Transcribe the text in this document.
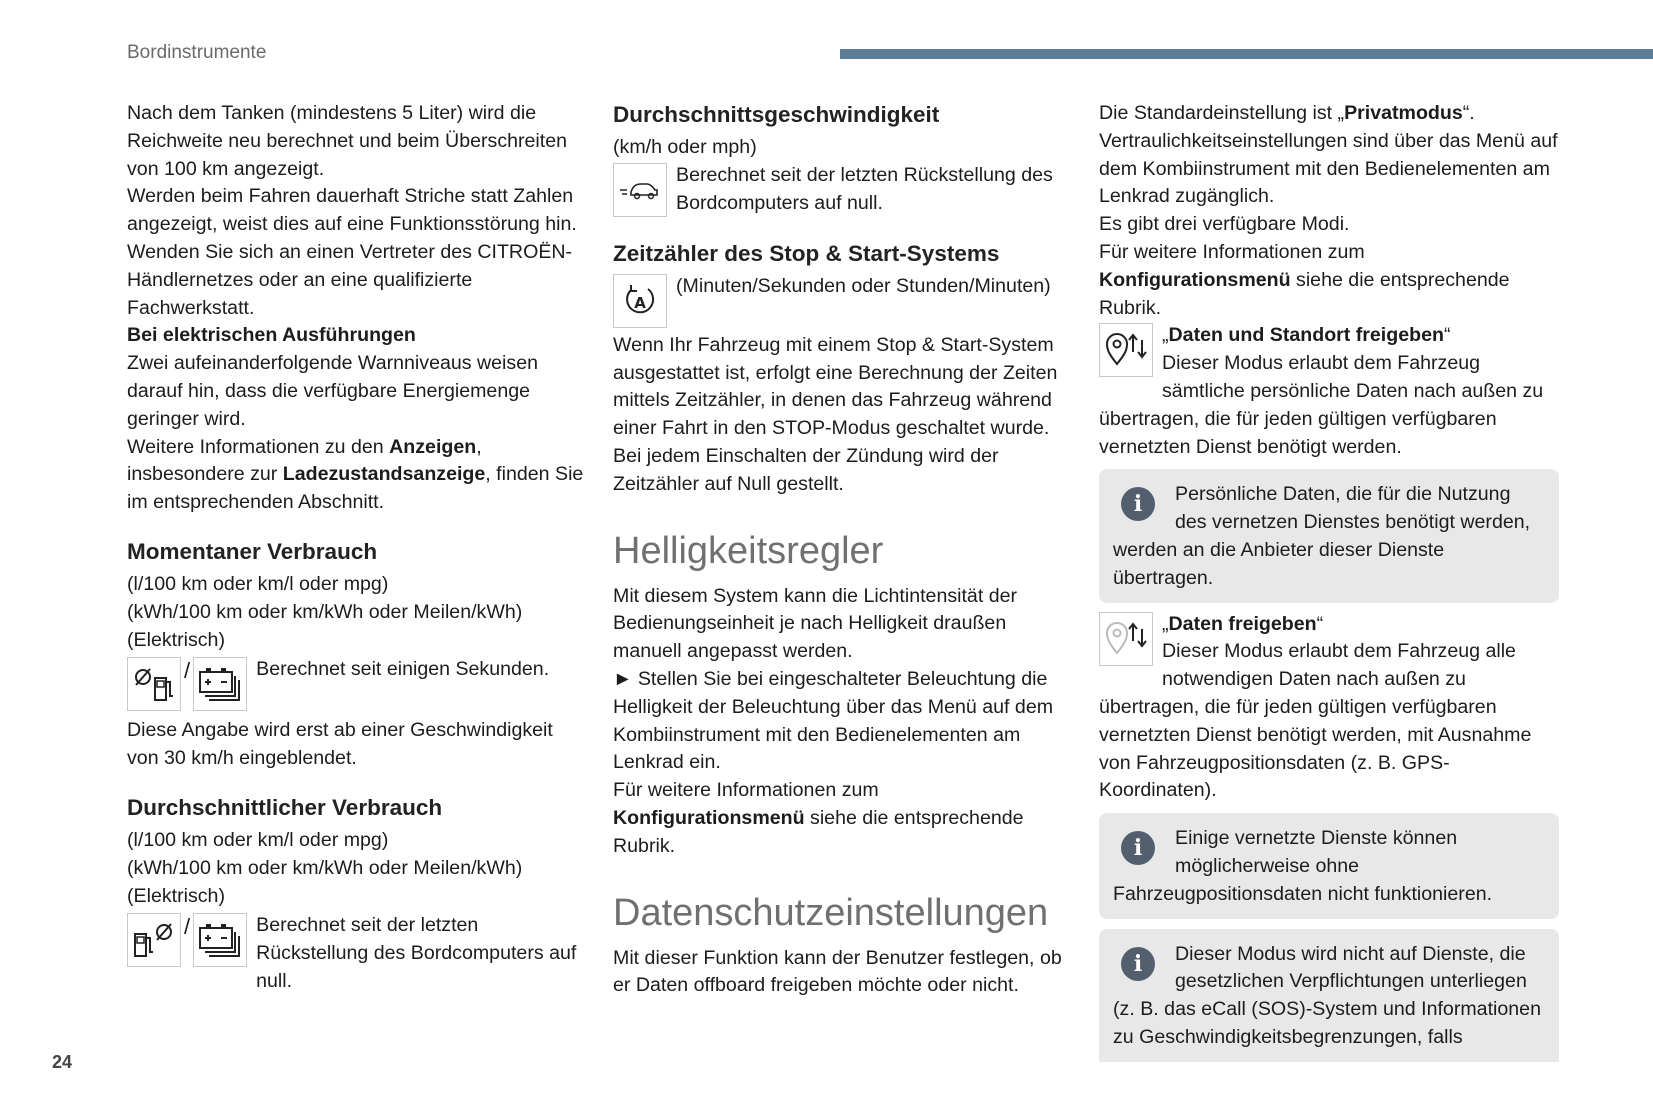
Bordinstrumente

Nach dem Tanken (mindestens 5 Liter) wird die Reichweite neu berechnet und beim Überschreiten von 100 km angezeigt.

Werden beim Fahren dauerhaft Striche statt Zahlen angezeigt, weist dies auf eine Funktionsstörung hin. Wenden Sie sich an einen Vertreter des CITROËN-Händlernetzes oder an eine qualifizierte Fachwerkstatt.

Bei elektrischen Ausführungen

Zwei aufeinanderfolgende Warnniveaus weisen darauf hin, dass die verfügbare Energiemenge geringer wird.

Weitere Informationen zu den Anzeigen, insbesondere zur Ladezustandsanzeige, finden Sie im entsprechenden Abschnitt.

Momentaner Verbrauch

(l/100 km oder km/l oder mpg)

(kWh/100 km oder km/kWh oder Meilen/kWh)

(Elektrisch)

/	Berechnet seit einigen Sekunden.

Diese Angabe wird erst ab einer Geschwindigkeit von 30 km/h eingeblendet.

Durchschnittlicher Verbrauch

(l/100 km oder km/l oder mpg)

(kWh/100 km oder km/kWh oder Meilen/kWh)

(Elektrisch)

/	Berechnet seit der letzten Rückstellung des Bordcomputers auf null.

Durchschnittsgeschwindigkeit

(km/h oder mph)

Berechnet seit der letzten Rückstellung des Bordcomputers auf null.

Zeitzähler des Stop & Start-Systems
A

(Minuten/Sekunden oder Stunden/Minuten)

Wenn Ihr Fahrzeug mit einem Stop & Start-System ausgestattet ist, erfolgt eine Berechnung der Zeiten mittels Zeitzähler, in denen das Fahrzeug während einer Fahrt in den STOP-Modus geschaltet wurde.

Bei jedem Einschalten der Zündung wird der Zeitzähler auf Null gestellt.

Helligkeitsregler

Mit diesem System kann die Lichtintensität der Bedienungseinheit je nach Helligkeit draußen manuell angepasst werden.

► Stellen Sie bei eingeschalteter Beleuchtung die Helligkeit der Beleuchtung über das Menü auf dem Kombiinstrument mit den Bedienelementen am Lenkrad ein.

Für weitere Informationen zum Konfigurationsmenü siehe die entsprechende Rubrik.

Datenschutzeinstellungen

Mit dieser Funktion kann der Benutzer festlegen, ob er Daten offboard freigeben möchte oder nicht.

Die Standardeinstellung ist „Privatmodus“.

Vertraulichkeitseinstellungen sind über das Menü auf dem Kombiinstrument mit den Bedienelementen am Lenkrad zugänglich.

Es gibt drei verfügbare Modi.

Für weitere Informationen zum Konfigurationsmenü siehe die entsprechende Rubrik.

„Daten und Standort freigeben“

Dieser Modus erlaubt dem Fahrzeug sämtliche persönliche Daten nach außen zu übertragen, die für jeden gültigen verfügbaren vernetzten Dienst benötigt werden.

i	Persönliche Daten, die für die Nutzung des vernetzen Dienstes benötigt werden, werden an die Anbieter dieser Dienste übertragen.

„Daten freigeben“

Dieser Modus erlaubt dem Fahrzeug alle notwendigen Daten nach außen zu übertragen, die für jeden gültigen verfügbaren vernetzten Dienst benötigt werden, mit Ausnahme von Fahrzeugpositionsdaten (z. B. GPS-Koordinaten).

i	Einige vernetzte Dienste können möglicherweise ohne Fahrzeugpositionsdaten nicht funktionieren.

i	Dieser Modus wird nicht auf Dienste, die gesetzlichen Verpflichtungen unterliegen (z. B. das eCall (SOS)-System und Informationen zu Geschwindigkeitsbegrenzungen, falls

24
